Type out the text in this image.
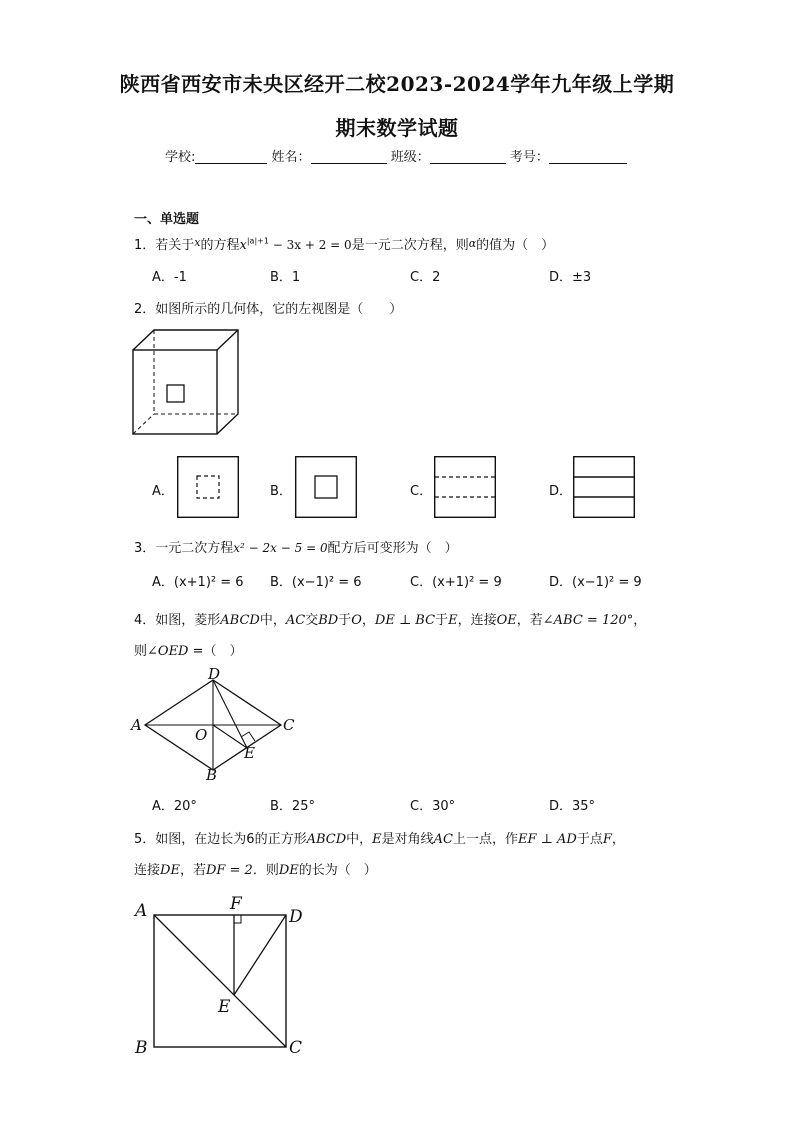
陕西省西安市未央区经开二校2023-2024学年九年级上学期
期末数学试题
学校:	姓名：	班级：	考号：
一、单选题
1．若关于$^x$的方程$x^{|a|+1} - 3x + 2 = 0$是一元二次方程，则α的值为（　）
A．-1	B．1	C．2	D．±3
2．如图所示的几何体，它的左视图是（　　）
A．	B．	C．	D．
3．一元二次方程x² − 2x − 5 = 0配方后可变形为（　）
A．(x+1)² = 6 B．(x−1)² = 6	C．(x+1)² = 9	D．(x−1)² = 9
4．如图，菱形ABCD中，AC交BD于O，DE ⊥ BC于E，连接OE，若∠ABC = 120°，
则∠OED =（　）
D
A	C
O
E
B
A．20°	B．25°	C．30°	D．35°
5．如图，在边长为6的正方形ABCD中，E是对角线AC上一点，作EF ⊥ AD于点F，
连接DE，若DF = 2．则DE的长为（　）
A	F
D
E
B	C
